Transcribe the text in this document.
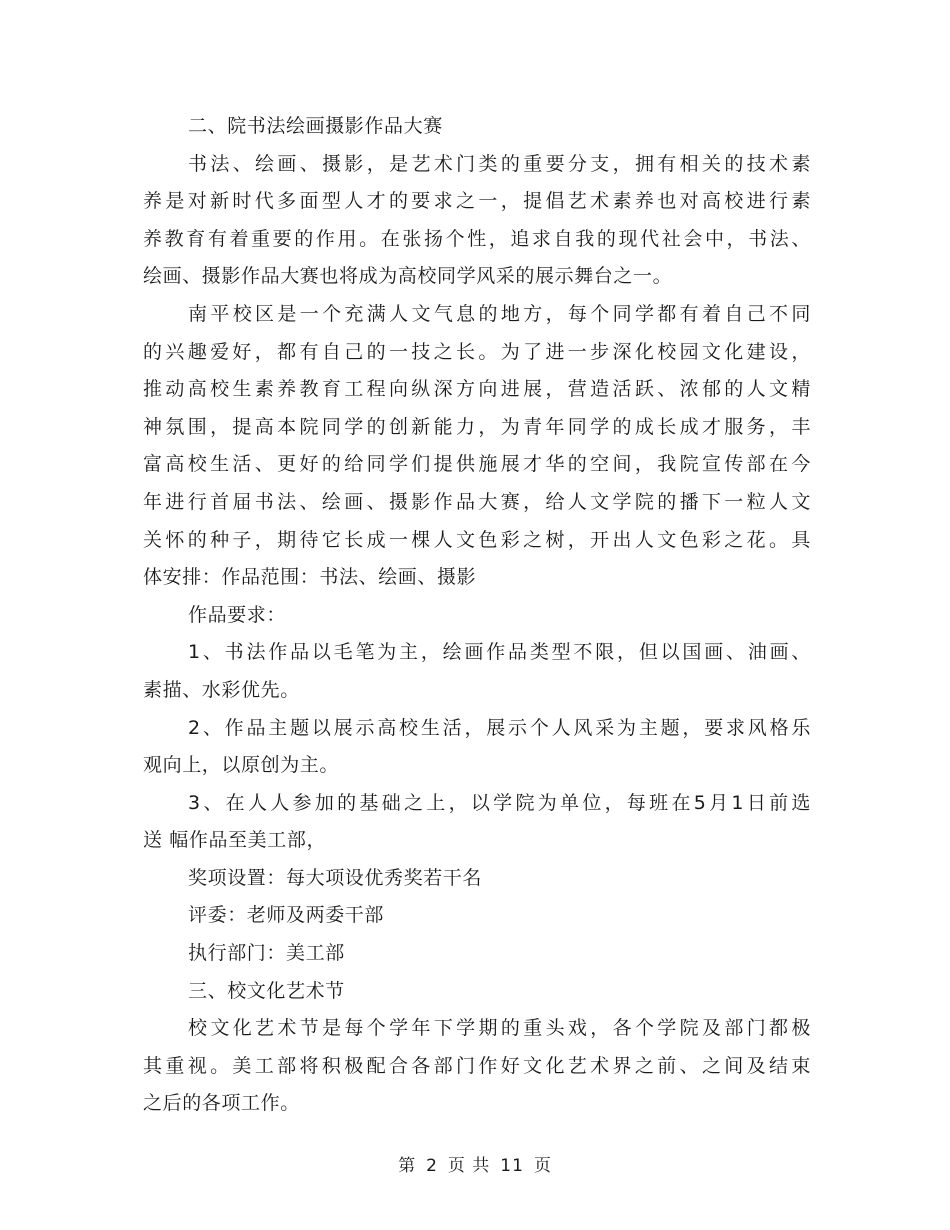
二、院书法绘画摄影作品大赛
书法、绘画、摄影，是艺术门类的重要分支，拥有相关的技术素
养是对新时代多面型人才的要求之一，提倡艺术素养也对高校进行素
养教育有着重要的作用。在张扬个性，追求自我的现代社会中，书法、
绘画、摄影作品大赛也将成为高校同学风采的展示舞台之一。
南平校区是一个充满人文气息的地方，每个同学都有着自己不同
的兴趣爱好，都有自己的一技之长。为了进一步深化校园文化建设，
推动高校生素养教育工程向纵深方向进展，营造活跃、浓郁的人文精
神氛围，提高本院同学的创新能力，为青年同学的成长成才服务，丰
富高校生活、更好的给同学们提供施展才华的空间，我院宣传部在今
年进行首届书法、绘画、摄影作品大赛，给人文学院的播下一粒人文
关怀的种子，期待它长成一棵人文色彩之树，开出人文色彩之花。具
体安排：作品范围：书法、绘画、摄影
作品要求：
1、书法作品以毛笔为主，绘画作品类型不限，但以国画、油画、
素描、水彩优先。
2、作品主题以展示高校生活，展示个人风采为主题，要求风格乐
观向上，以原创为主。
3、在人人参加的基础之上，以学院为单位，每班在5月1日前选
送 幅作品至美工部，
奖项设置：每大项设优秀奖若干名
评委：老师及两委干部
执行部门：美工部
三、校文化艺术节
校文化艺术节是每个学年下学期的重头戏，各个学院及部门都极
其重视。美工部将积极配合各部门作好文化艺术界之前、之间及结束
之后的各项工作。
第 2 页 共 11 页
